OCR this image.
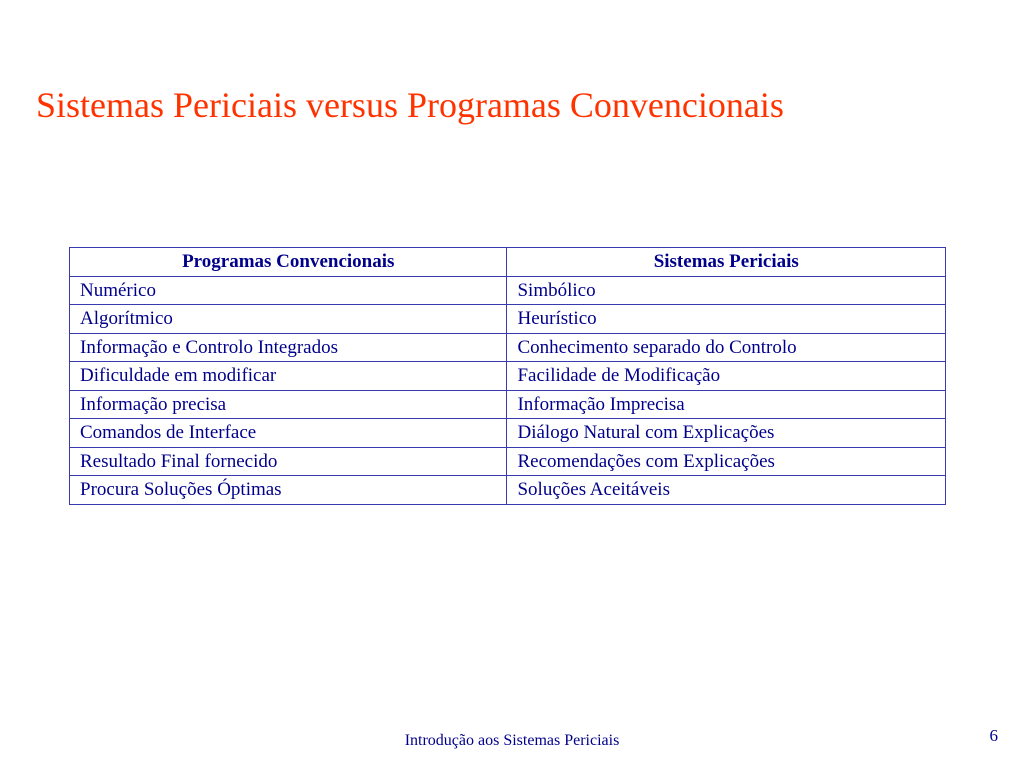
Sistemas Periciais versus Programas Convencionais
Programas Convencionais	Sistemas Periciais
Numérico	Simbólico
Algorítmico	Heurístico
Informação e Controlo Integrados	Conhecimento separado do Controlo
Dificuldade em modificar	Facilidade de Modificação
Informação precisa	Informação Imprecisa
Comandos de Interface	Diálogo Natural com Explicações
Resultado Final fornecido	Recomendações com Explicações
Procura Soluções Óptimas	Soluções Aceitáveis
Introdução aos Sistemas Periciais	6
